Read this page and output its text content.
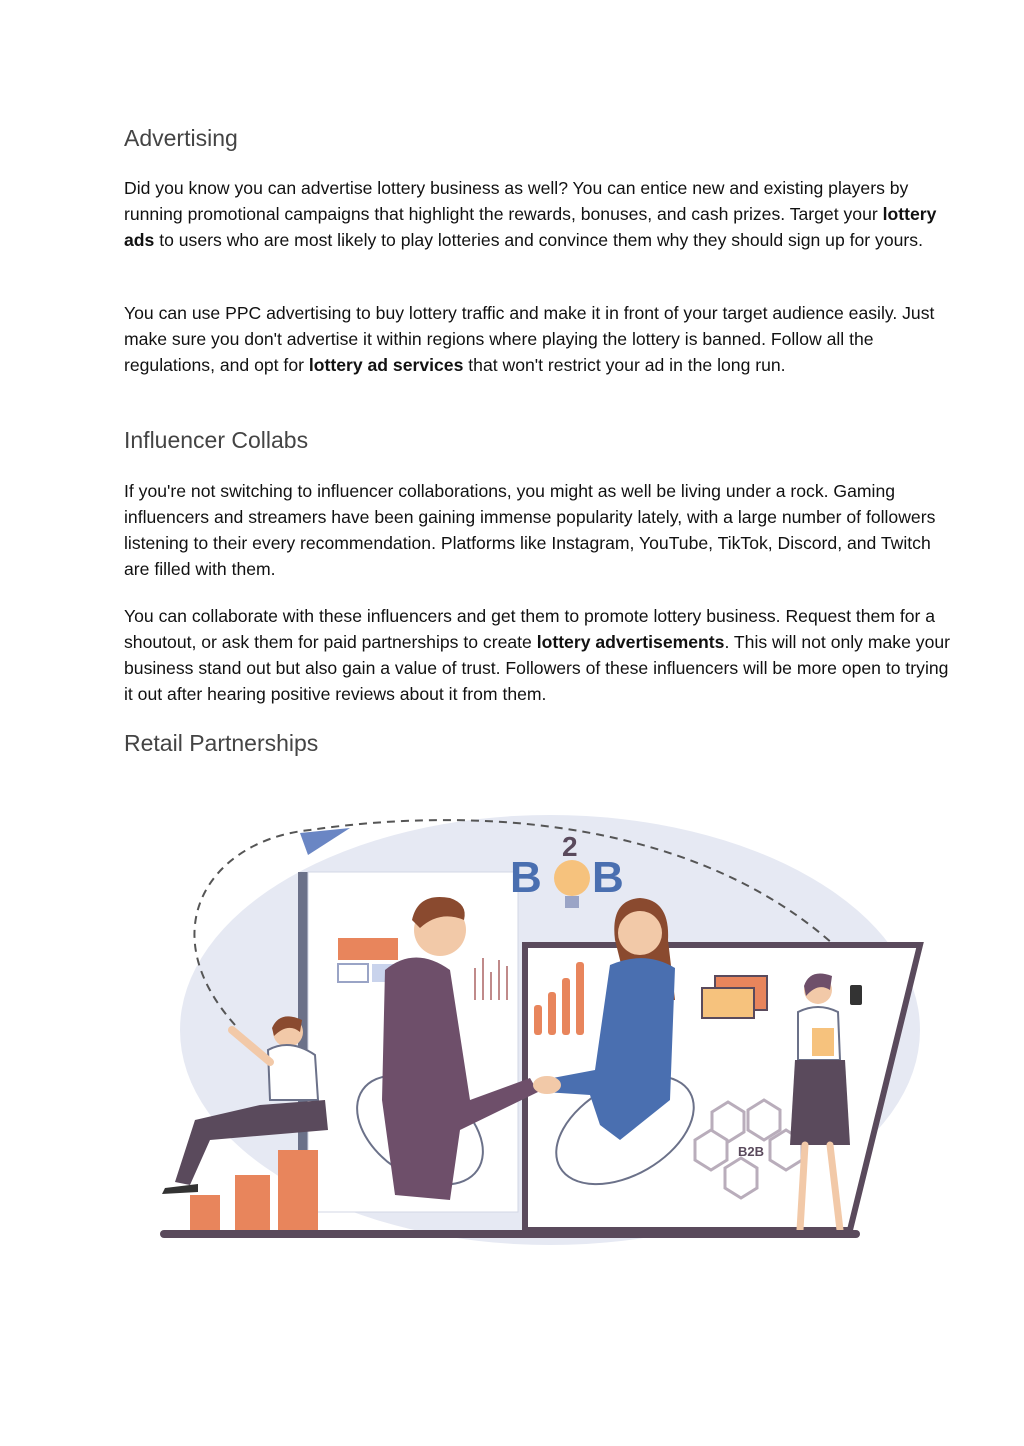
Advertising

Did you know you can advertise lottery business as well? You can entice new and existing players by running promotional campaigns that highlight the rewards, bonuses, and cash prizes. Target your lottery ads to users who are most likely to play lotteries and convince them why they should sign up for yours.

You can use PPC advertising to buy lottery traffic and make it in front of your target audience easily. Just make sure you don't advertise it within regions where playing the lottery is banned. Follow all the regulations, and opt for lottery ad services that won't restrict your ad in the long run.

Influencer Collabs

If you're not switching to influencer collaborations, you might as well be living under a rock. Gaming influencers and streamers have been gaining immense popularity lately, with a large number of followers listening to their every recommendation. Platforms like Instagram, YouTube, TikTok, Discord, and Twitch are filled with them.

You can collaborate with these influencers and get them to promote lottery business. Request them for a shoutout, or ask them for paid partnerships to create lottery advertisements. This will not only make your business stand out but also gain a value of trust. Followers of these influencers will be more open to trying it out after hearing positive reviews about it from them.

Retail Partnerships
B2B
B
2
B
